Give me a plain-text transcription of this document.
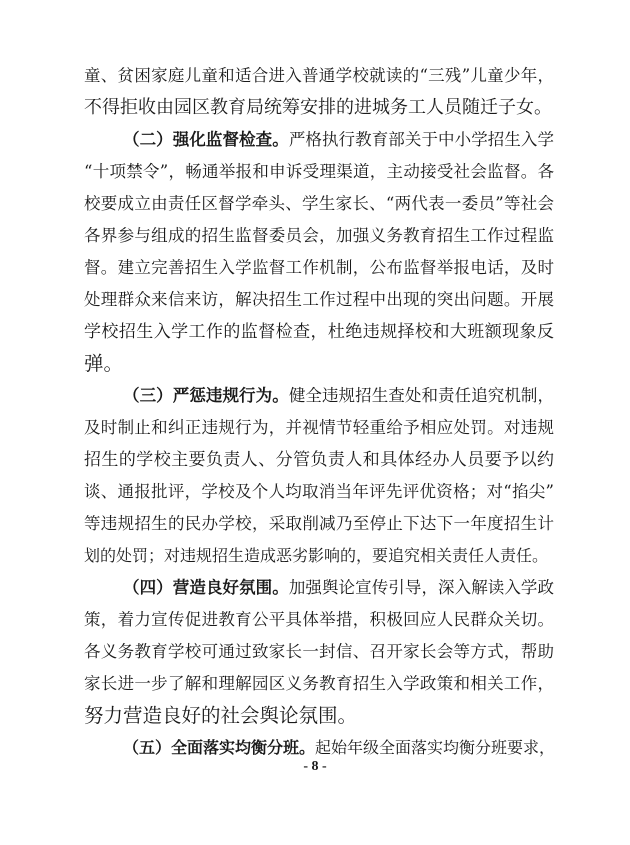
童、贫困家庭儿童和适合进入普通学校就读的“三残”儿童少年，
不得拒收由园区教育局统筹安排的进城务工人员随迁子女。
（二）强化监督检查。严格执行教育部关于中小学招生入学
“十项禁令”，畅通举报和申诉受理渠道，主动接受社会监督。各
校要成立由责任区督学牵头、学生家长、“两代表一委员”等社会
各界参与组成的招生监督委员会，加强义务教育招生工作过程监
督。建立完善招生入学监督工作机制，公布监督举报电话，及时
处理群众来信来访，解决招生工作过程中出现的突出问题。开展
学校招生入学工作的监督检查，杜绝违规择校和大班额现象反
弹。
（三）严惩违规行为。健全违规招生查处和责任追究机制，
及时制止和纠正违规行为，并视情节轻重给予相应处罚。对违规
招生的学校主要负责人、分管负责人和具体经办人员要予以约
谈、通报批评，学校及个人均取消当年评先评优资格；对“掐尖”
等违规招生的民办学校，采取削减乃至停止下达下一年度招生计
划的处罚；对违规招生造成恶劣影响的，要追究相关责任人责任。
（四）营造良好氛围。加强舆论宣传引导，深入解读入学政
策，着力宣传促进教育公平具体举措，积极回应人民群众关切。
各义务教育学校可通过致家长一封信、召开家长会等方式，帮助
家长进一步了解和理解园区义务教育招生入学政策和相关工作，
努力营造良好的社会舆论氛围。
（五）全面落实均衡分班。起始年级全面落实均衡分班要求，
- 8 -
